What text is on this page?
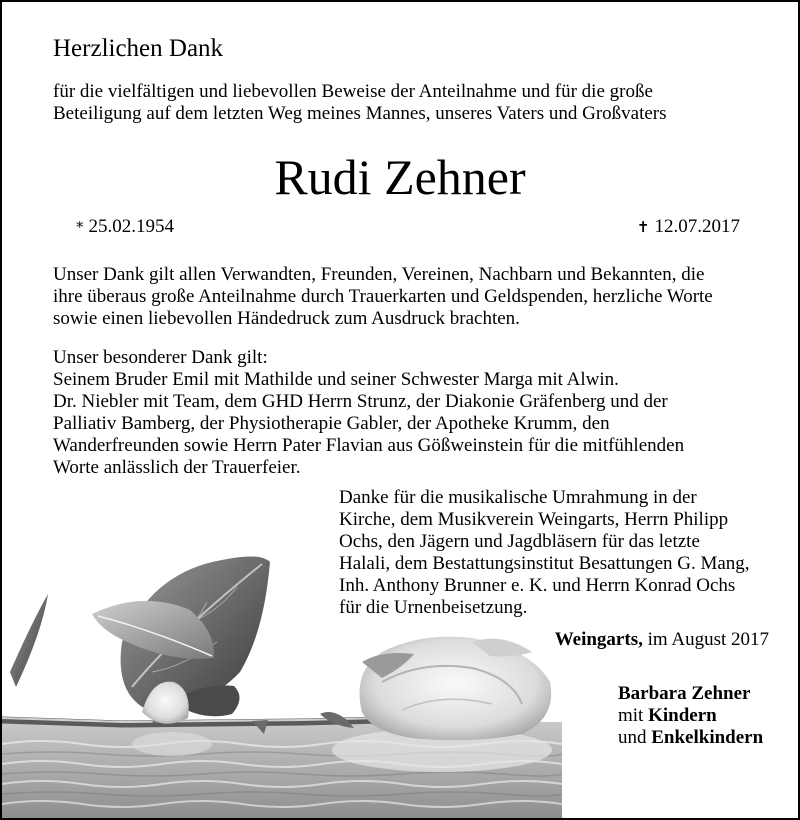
Herzlichen Dank
für die vielfältigen und liebevollen Beweise der Anteilnahme und für die große
Beteiligung auf dem letzten Weg meines Mannes, unseres Vaters und Großvaters
Rudi Zehner
* 25.02.1954	✝ 12.07.2017
Unser Dank gilt allen Verwandten, Freunden, Vereinen, Nachbarn und Bekannten, die
ihre überaus große Anteilnahme durch Trauerkarten und Geldspenden, herzliche Worte
sowie einen liebevollen Händedruck zum Ausdruck brachten.
Unser besonderer Dank gilt:
Seinem Bruder Emil mit Mathilde und seiner Schwester Marga mit Alwin.
Dr. Niebler mit Team, dem GHD Herrn Strunz, der Diakonie Gräfenberg und der
Palliativ Bamberg, der Physiotherapie Gabler, der Apotheke Krumm, den
Wanderfreunden sowie Herrn Pater Flavian aus Gößweinstein für die mitfühlenden
Worte anlässlich der Trauerfeier.
Danke für die musikalische Umrahmung in der
Kirche, dem Musikverein Weingarts, Herrn Philipp
Ochs, den Jägern und Jagdbläsern für das letzte
Halali, dem Bestattungsinstitut Besattungen G. Mang,
Inh. Anthony Brunner e. K. und Herrn Konrad Ochs
für die Urnenbeisetzung.
Weingarts, im August 2017
Barbara Zehner
mit Kindern
und Enkelkindern
